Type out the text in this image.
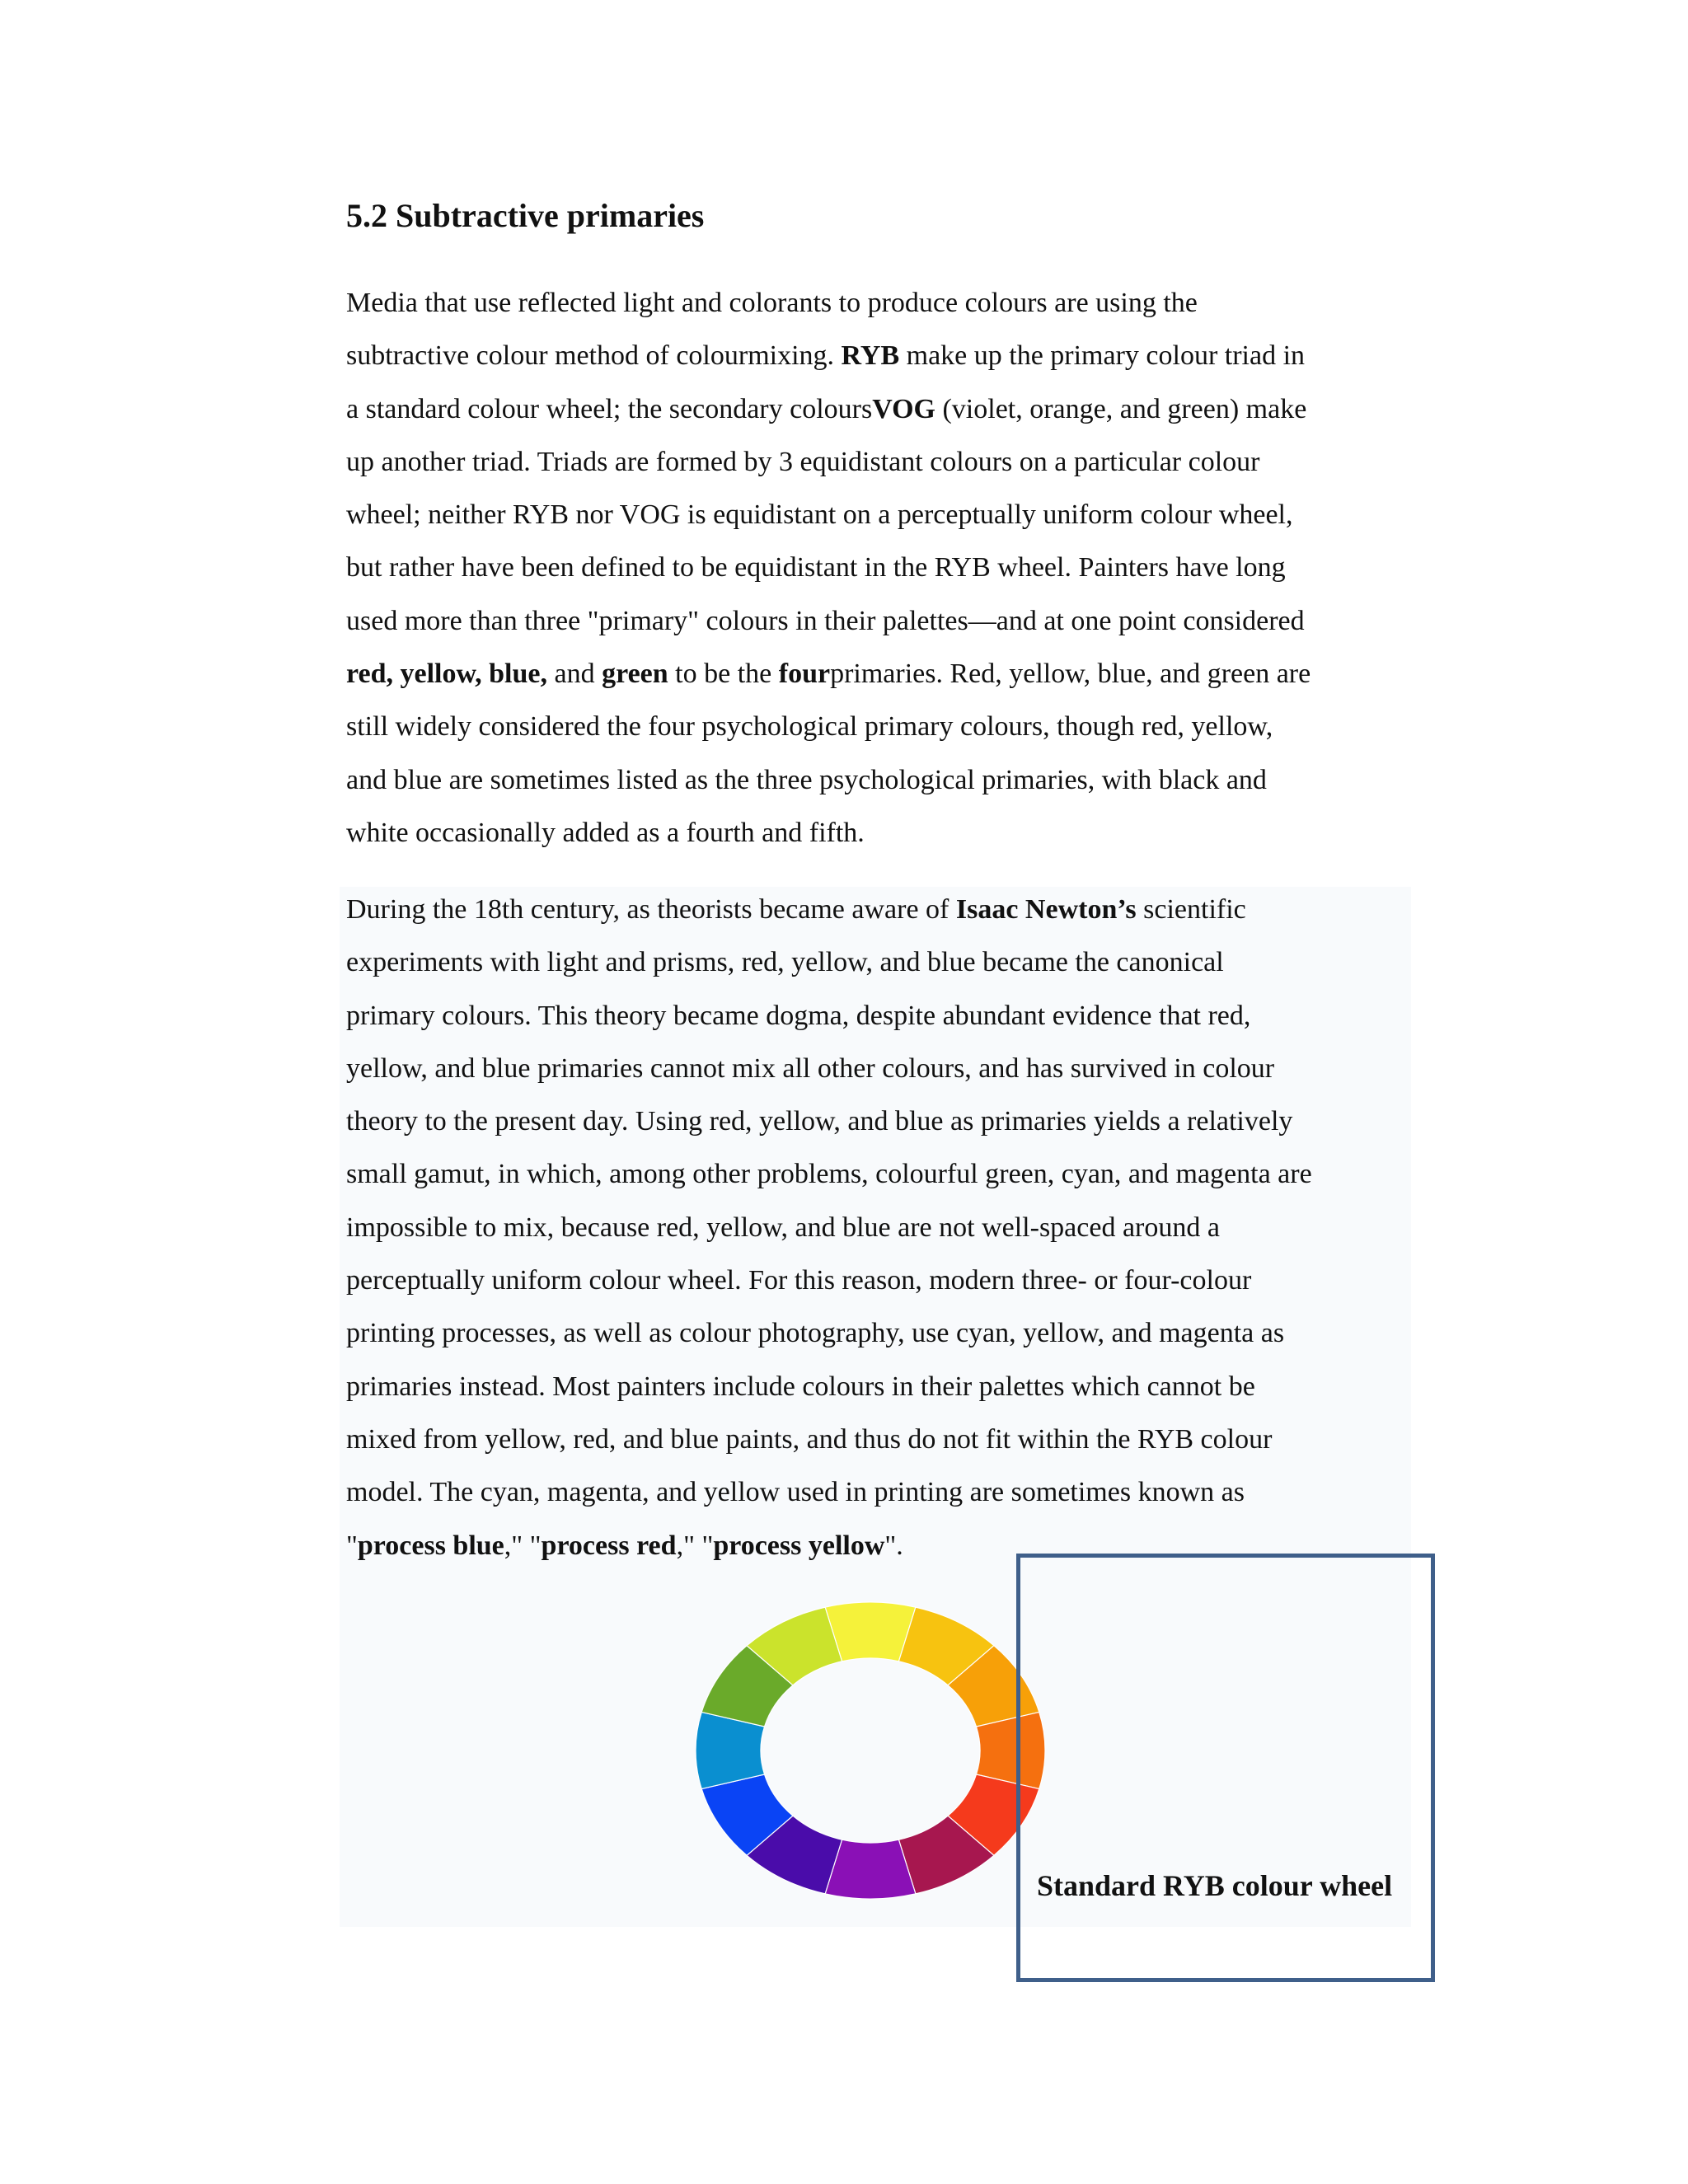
5.2 Subtractive primaries
Media that use reflected light and colorants to produce colours are using the
subtractive colour method of colourmixing. RYB make up the primary colour triad in
a standard colour wheel; the secondary coloursVOG (violet, orange, and green) make
up another triad. Triads are formed by 3 equidistant colours on a particular colour
wheel; neither RYB nor VOG is equidistant on a perceptually uniform colour wheel,
but rather have been defined to be equidistant in the RYB wheel. Painters have long
used more than three "primary" colours in their palettes—and at one point considered
red, yellow, blue, and green to be the fourprimaries. Red, yellow, blue, and green are
still widely considered the four psychological primary colours, though red, yellow,
and blue are sometimes listed as the three psychological primaries, with black and
white occasionally added as a fourth and fifth.
During the 18th century, as theorists became aware of Isaac Newton’s scientific
experiments with light and prisms, red, yellow, and blue became the canonical
primary colours. This theory became dogma, despite abundant evidence that red,
yellow, and blue primaries cannot mix all other colours, and has survived in colour
theory to the present day. Using red, yellow, and blue as primaries yields a relatively
small gamut, in which, among other problems, colourful green, cyan, and magenta are
impossible to mix, because red, yellow, and blue are not well-spaced around a
perceptually uniform colour wheel. For this reason, modern three- or four-colour
printing processes, as well as colour photography, use cyan, yellow, and magenta as
primaries instead. Most painters include colours in their palettes which cannot be
mixed from yellow, red, and blue paints, and thus do not fit within the RYB colour
model. The cyan, magenta, and yellow used in printing are sometimes known as
"process blue," "process red," "process yellow".
Standard RYB colour wheel
